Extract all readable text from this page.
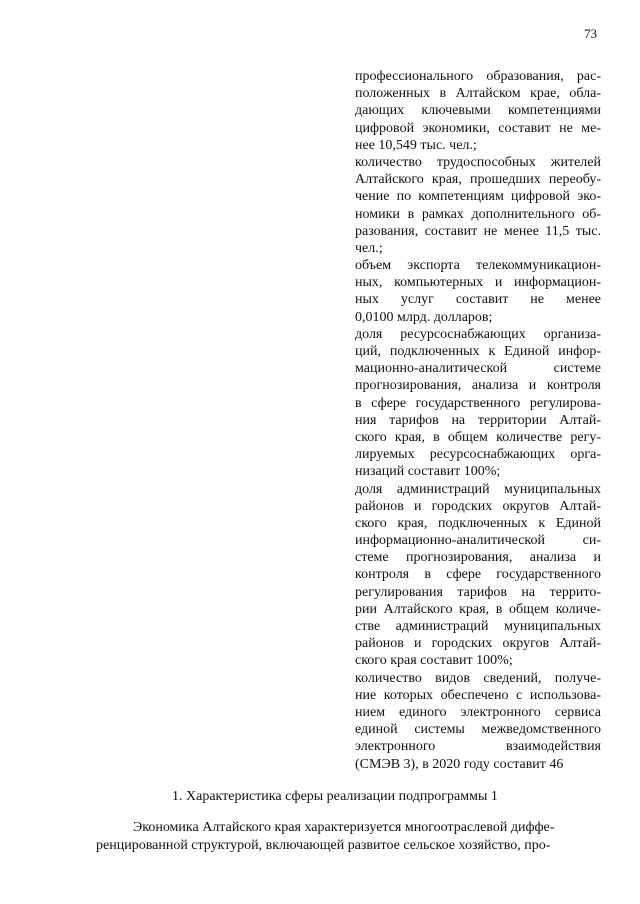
73
профессионального образования, рас-
положенных в Алтайском крае, обла-
дающих ключевыми компетенциями
цифровой экономики, составит не ме-
нее 10,549 тыс. чел.;
количество трудоспособных жителей
Алтайского края, прошедших переобу-
чение по компетенциям цифровой эко-
номики в рамках дополнительного об-
разования, составит не менее 11,5 тыс.
чел.;
объем экспорта телекоммуникацион-
ных, компьютерных и информацион-
ных услуг составит не менее
0,0100 млрд. долларов;
доля ресурсоснабжающих организа-
ций, подключенных к Единой инфор-
мационно-аналитической системе
прогнозирования, анализа и контроля
в сфере государственного регулирова-
ния тарифов на территории Алтай-
ского края, в общем количестве регу-
лируемых ресурсоснабжающих орга-
низаций составит 100%;
доля администраций муниципальных
районов и городских округов Алтай-
ского края, подключенных к Единой
информационно-аналитической си-
стеме прогнозирования, анализа и
контроля в сфере государственного
регулирования тарифов на террито-
рии Алтайского края, в общем количе-
стве администраций муниципальных
районов и городских округов Алтай-
ского края составит 100%;
количество видов сведений, получе-
ние которых обеспечено с использова-
нием единого электронного сервиса
единой системы межведомственного
электронного взаимодействия
(СМЭВ 3), в 2020 году составит 46
1. Характеристика сферы реализации подпрограммы 1
Экономика Алтайского края характеризуется многоотраслевой диффе-
ренцированной структурой, включающей развитое сельское хозяйство, про-
